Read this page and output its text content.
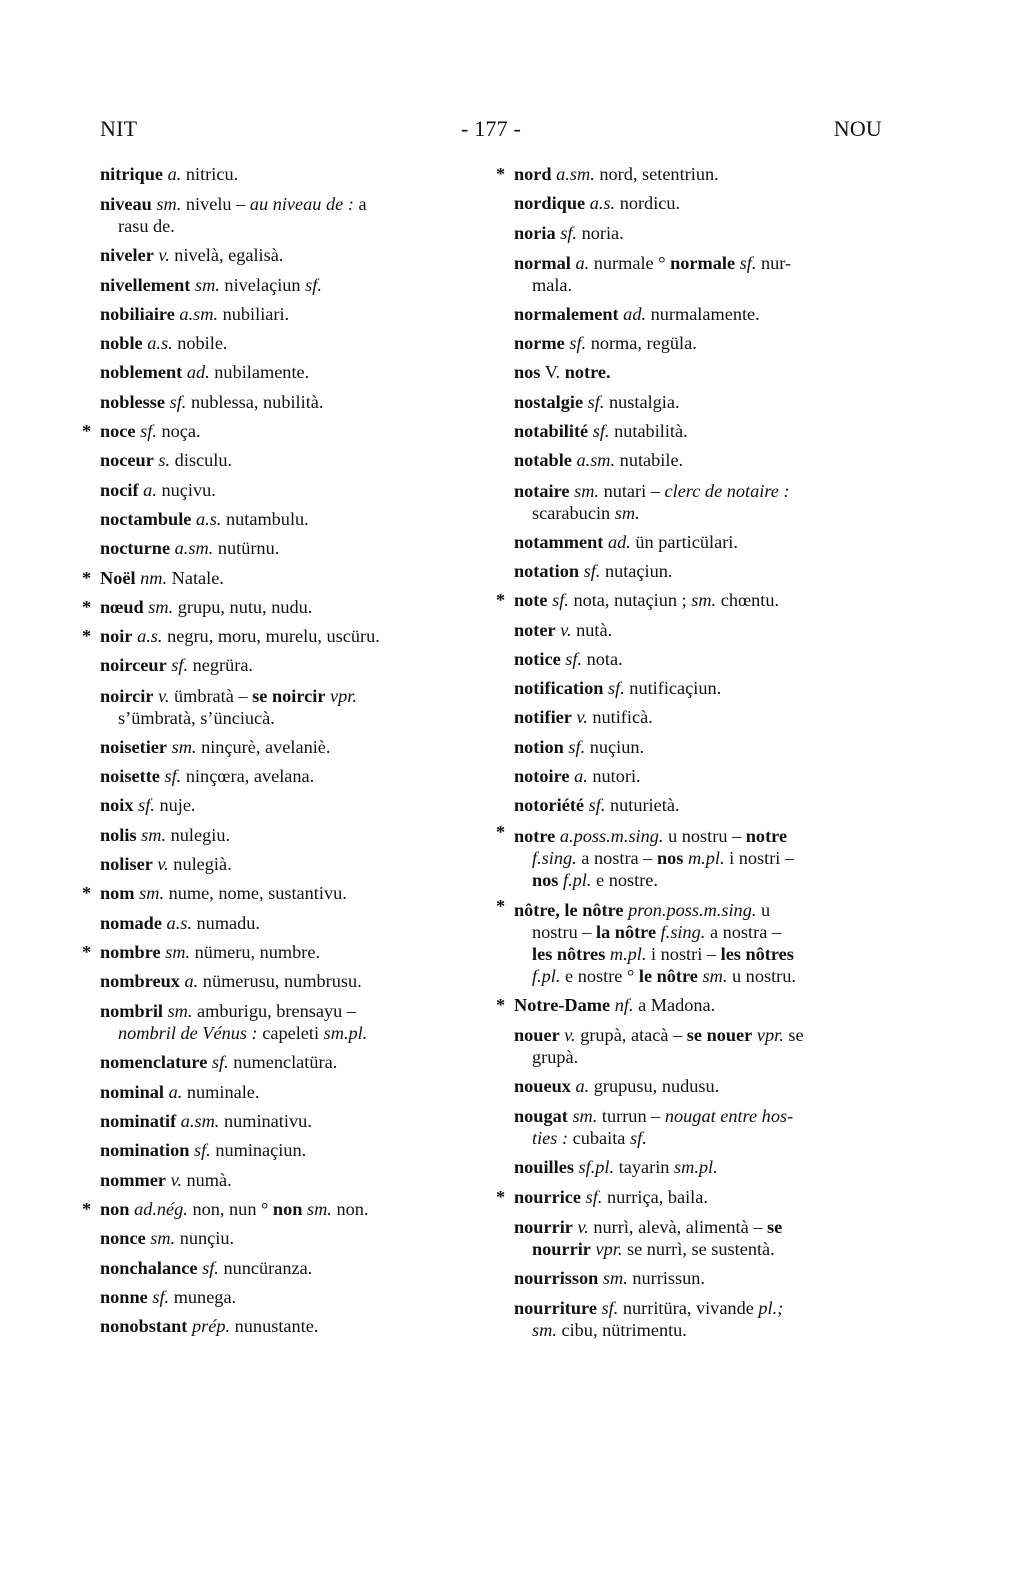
NIT	- 177 -	NOU
nitrique a. nitricu.
niveau sm. nivelu – au niveau de : a
rasu de.
niveler v. nivelà, egalisà.
nivellement sm. nivelaçiun sf.
nobiliaire a.sm. nubiliari.
noble a.s. nobile.
noblement ad. nubilamente.
noblesse sf. nublessa, nubilità.
* noce sf. noça.
noceur s. disculu.
nocif a. nuçivu.
noctambule a.s. nutambulu.
nocturne a.sm. nutürnu.
* Noël nm. Natale.
* nœud sm. grupu, nutu, nudu.
* noir a.s. negru, moru, murelu, uscüru.
noirceur sf. negrüra.
noircir v. ümbratà – se noircir vpr.
s’ümbratà, s’ünciucà.
noisetier sm. ninçurè, avelaniè.
noisette sf. ninçœra, avelana.
noix sf. nuje.
nolis sm. nulegiu.
noliser v. nulegià.
* nom sm. nume, nome, sustantivu.
nomade a.s. numadu.
* nombre sm. nümeru, numbre.
nombreux a. nümerusu, numbrusu.
nombril sm. amburigu, brensayu –
nombril de Vénus : capeleti sm.pl.
nomenclature sf. numenclatüra.
nominal a. numinale.
nominatif a.sm. numinativu.
nomination sf. numinaçiun.
nommer v. numà.
* non ad.nég. non, nun ° non sm. non.
nonce sm. nunçiu.
nonchalance sf. nuncüranza.
nonne sf. munega.
nonobstant prép. nunustante.
* nord a.sm. nord, setentriun.
nordique a.s. nordicu.
noria sf. noria.
normal a. nurmale ° normale sf. nur-
mala.
normalement ad. nurmalamente.
norme sf. norma, regüla.
nos V. notre.
nostalgie sf. nustalgia.
notabilité sf. nutabilità.
notable a.sm. nutabile.
notaire sm. nutari – clerc de notaire :
scarabucin sm.
notamment ad. ün particülari.
notation sf. nutaçiun.
* note sf. nota, nutaçiun ; sm. chœntu.
noter v. nutà.
notice sf. nota.
notification sf. nutificaçiun.
notifier v. nutificà.
notion sf. nuçiun.
notoire a. nutori.
notoriété sf. nuturietà.
* notre a.poss.m.sing. u nostru – notre
f.sing. a nostra – nos m.pl. i nostri –
nos f.pl. e nostre.
* nôtre, le nôtre pron.poss.m.sing. u
nostru – la nôtre f.sing. a nostra –
les nôtres m.pl. i nostri – les nôtres
f.pl. e nostre ° le nôtre sm. u nostru.
* Notre-Dame nf. a Madona.
nouer v. grupà, atacà – se nouer vpr. se
grupà.
noueux a. grupusu, nudusu.
nougat sm. turrun – nougat entre hos-
ties : cubaita sf.
nouilles sf.pl. tayarin sm.pl.
* nourrice sf. nurriça, baila.
nourrir v. nurrì, alevà, alimentà – se
nourrir vpr. se nurrì, se sustentà.
nourrisson sm. nurrissun.
nourriture sf. nurritüra, vivande pl.;
sm. cibu, nütrimentu.
